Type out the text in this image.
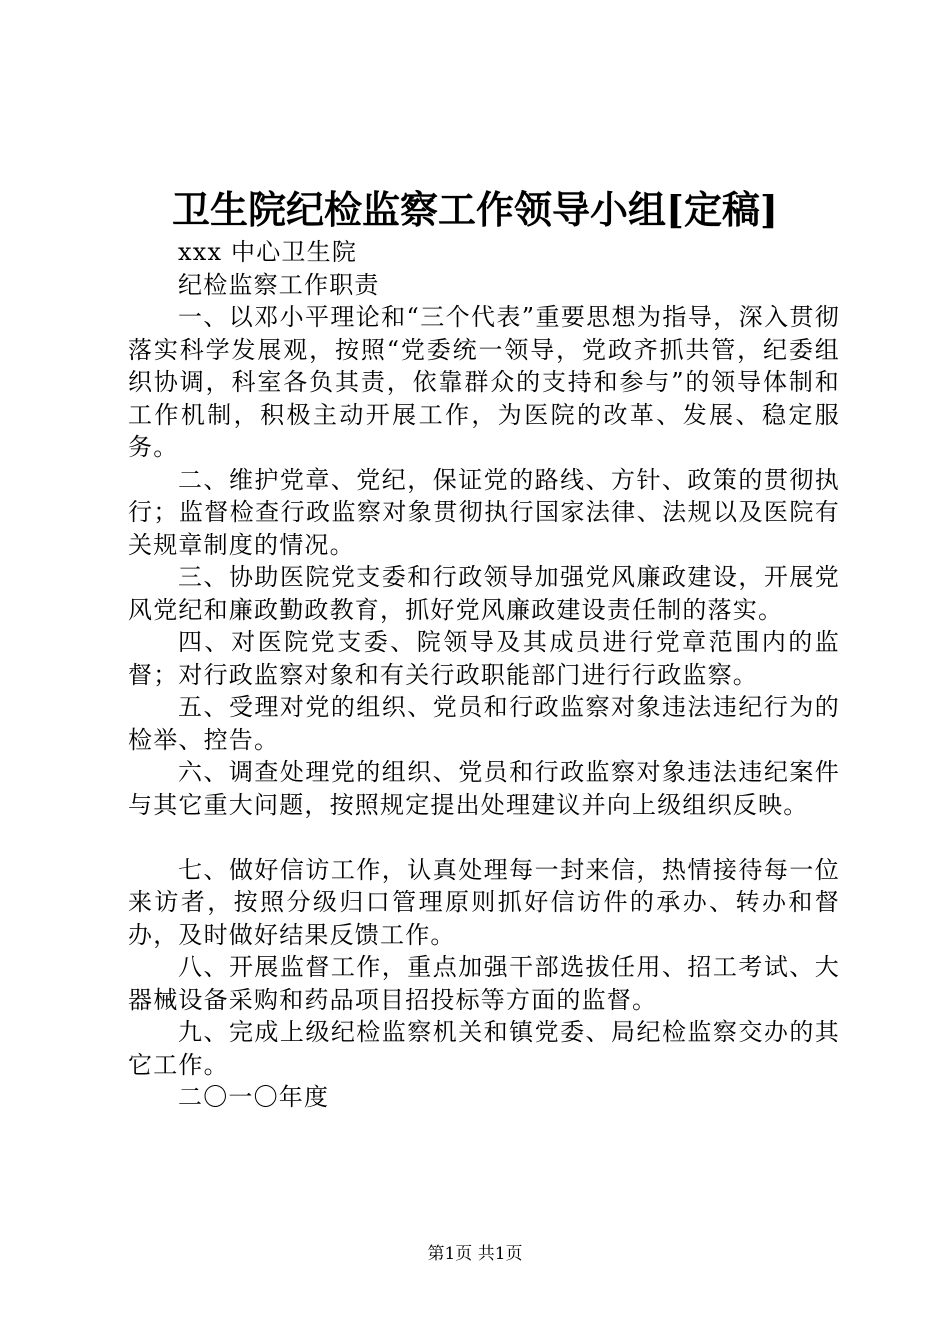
卫生院纪检监察工作领导小组[定稿]

xxx 中心卫生院

纪检监察工作职责

一、以邓小平理论和“三个代表”重要思想为指导，深入贯彻落实科学发展观，按照“党委统一领导，党政齐抓共管，纪委组织协调，科室各负其责，依靠群众的支持和参与”的领导体制和工作机制，积极主动开展工作，为医院的改革、发展、稳定服务。

二、维护党章、党纪，保证党的路线、方针、政策的贯彻执行；监督检查行政监察对象贯彻执行国家法律、法规以及医院有关规章制度的情况。

三、协助医院党支委和行政领导加强党风廉政建设，开展党风党纪和廉政勤政教育，抓好党风廉政建设责任制的落实。

四、对医院党支委、院领导及其成员进行党章范围内的监督；对行政监察对象和有关行政职能部门进行行政监察。

五、受理对党的组织、党员和行政监察对象违法违纪行为的检举、控告。

六、调查处理党的组织、党员和行政监察对象违法违纪案件与其它重大问题，按照规定提出处理建议并向上级组织反映。

七、做好信访工作，认真处理每一封来信，热情接待每一位来访者，按照分级归口管理原则抓好信访件的承办、转办和督办，及时做好结果反馈工作。

八、开展监督工作，重点加强干部选拔任用、招工考试、大器械设备采购和药品项目招投标等方面的监督。

九、完成上级纪检监察机关和镇党委、局纪检监察交办的其它工作。

二〇一〇年度

第1页 共1页
